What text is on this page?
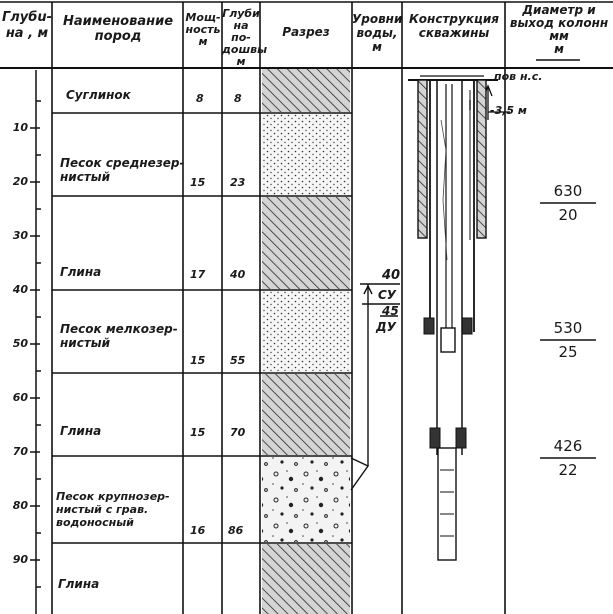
Глубu-
на , м
Наименование
пород
Мощ-
ность
м
Глуби
на по-
дошвы
м
Разрез
Уровни
воды,
м
Конструкция
скважины
Диаметр и
выход колонн
мм
м
10
20
30
40
50
60
70
80
90
Суглинок
Песок среднезер-
нистый
Глина
Песок мелкозер-
нистый
Глина
Песок крупнозер-
нистый с грав.
водоносный
Глина
8	8
15 23
17 40
15 55
15 70
16 86
40
СУ
45
ДУ
-3,5 м
пов н.с.
630
20
530
25
426
22
